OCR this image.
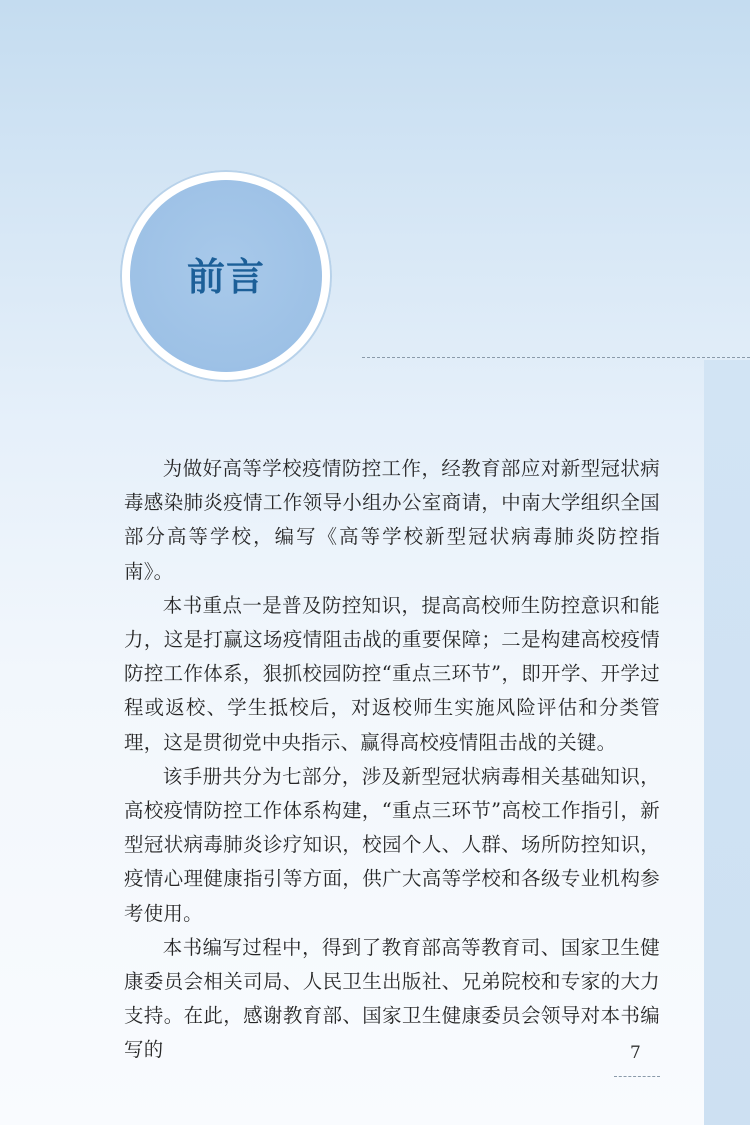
前言

为做好高等学校疫情防控工作，经教育部应对新型冠状病毒感染肺炎疫情工作领导小组办公室商请，中南大学组织全国部分高等学校，编写《高等学校新型冠状病毒肺炎防控指南》。

本书重点一是普及防控知识，提高高校师生防控意识和能力，这是打赢这场疫情阻击战的重要保障；二是构建高校疫情防控工作体系，狠抓校园防控“重点三环节”，即开学、开学过程或返校、学生抵校后，对返校师生实施风险评估和分类管理，这是贯彻党中央指示、赢得高校疫情阻击战的关键。

该手册共分为七部分，涉及新型冠状病毒相关基础知识，高校疫情防控工作体系构建，“重点三环节”高校工作指引，新型冠状病毒肺炎诊疗知识，校园个人、人群、场所防控知识，疫情心理健康指引等方面，供广大高等学校和各级专业机构参考使用。

本书编写过程中，得到了教育部高等教育司、国家卫生健康委员会相关司局、人民卫生出版社、兄弟院校和专家的大力支持。在此，感谢教育部、国家卫生健康委员会领导对本书编写的	7
